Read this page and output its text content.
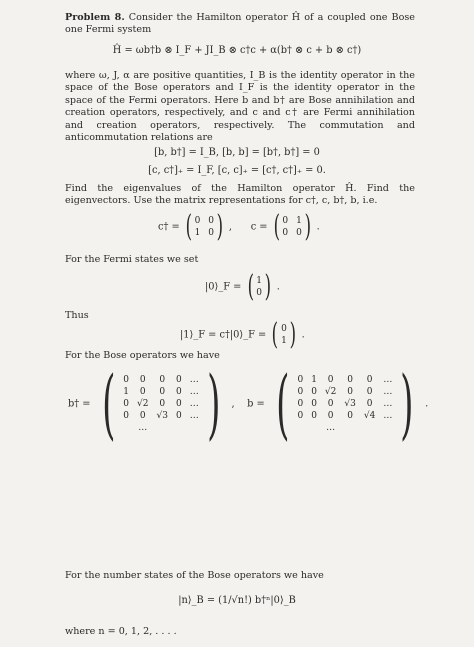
Problem 8. Consider the Hamilton operator Ĥ of a coupled one Bose one Fermi system
Ĥ = ωb†b ⊗ I_F + JI_B ⊗ c†c + α(b† ⊗ c + b ⊗ c†)
where ω, J, α are positive quantities, I_B is the identity operator in the space of the Bose operators and I_F is the identity operator in the space of the Fermi operators. Here b and b† are Bose annihilation and creation operators, respectively, and c and c† are Fermi annihilation and creation operators, respectively. The commutation and anticommutation relations are
[b, b†] = I_B, [b, b] = [b†, b†] = 0
[c, c†]₊ = I_F, [c, c]₊ = [c†, c†]₊ = 0.
Find the eigenvalues of the Hamilton operator Ĥ. Find the eigenvectors. Use the matrix representations for c†, c, b†, b, i.e.
c† = ( 0 0
1 0 ) ,      c = ( 0 1
0 0 ) .
For the Fermi states we set
|0⟩_F = ( 1
0 ) .
Thus
|1⟩_F = c†|0⟩_F = ( 0
1 ) .
For the Bose operators we have
b† = ( 0	0	0	0 …
1	0	0	0 …
0 √2	0	0 …
0	0	√3 0 …
… ) ,    b = ( 0 1	0	0	0	…
0 0 √2	0	0	…
0 0	0	√3	0	…
0 0	0	0	√4 …
… ) .
For the number states of the Bose operators we have
|n⟩_B = (1/√n!) b†ⁿ|0⟩_B
where n = 0, 1, 2, . . . .
